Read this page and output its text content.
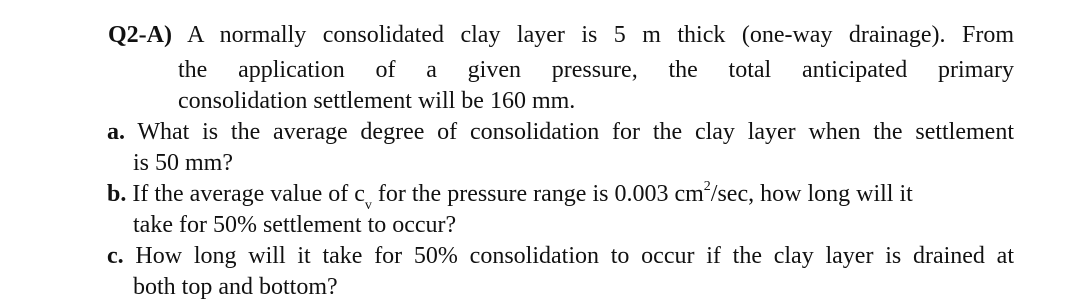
Q2-A) A normally consolidated clay layer is 5 m thick (one-way drainage). From
the application of a given pressure, the total anticipated primary
consolidation settlement will be 160 mm.
a. What is the average degree of consolidation for the clay layer when the settlement
is 50 mm?
b. If the average value of $c_v$ for the pressure range is 0.003 $cm^2/\sec$, how long will it
take for 50% settlement to occur?
c. How long will it take for 50% consolidation to occur if the clay layer is drained at
both top and bottom?
